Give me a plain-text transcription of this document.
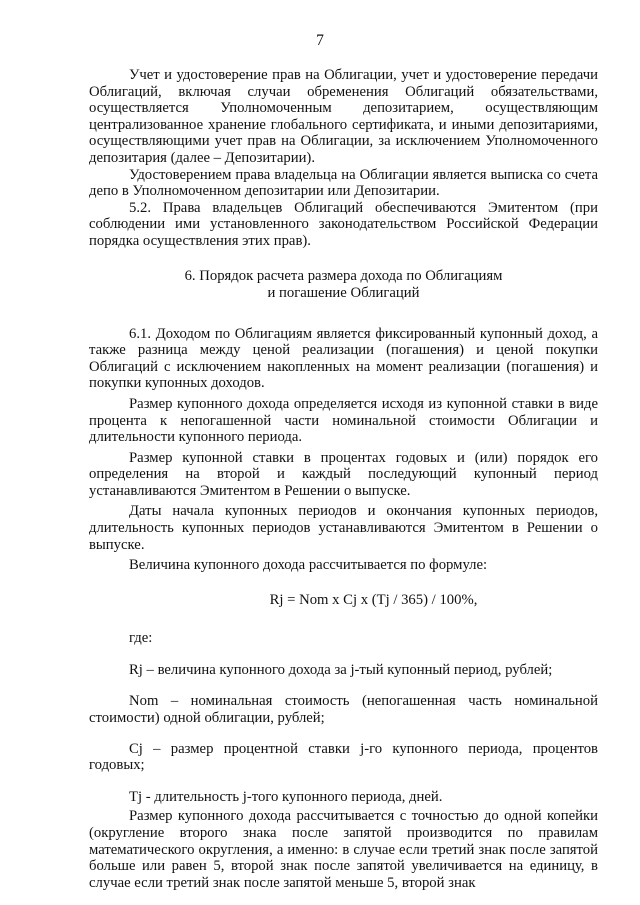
7

Учет и удостоверение прав на Облигации, учет и удостоверение передачи Облигаций, включая случаи обременения Облигаций обязательствами, осуществляется Уполномоченным депозитарием, осуществляющим централизованное хранение глобального сертификата, и иными депозитариями, осуществляющими учет прав на Облигации, за исключением Уполномоченного депозитария (далее – Депозитарии).

Удостоверением права владельца на Облигации является выписка со счета депо в Уполномоченном депозитарии или Депозитарии.

5.2. Права владельцев Облигаций обеспечиваются Эмитентом (при соблюдении ими установленного законодательством Российской Федерации порядка осуществления этих прав).

6. Порядок расчета размера дохода по Облигациям
и погашение Облигаций

6.1. Доходом по Облигациям является фиксированный купонный доход, а также разница между ценой реализации (погашения) и ценой покупки Облигаций с исключением накопленных на момент реализации (погашения) и покупки купонных доходов.

Размер купонного дохода определяется исходя из купонной ставки в виде процента к непогашенной части номинальной стоимости Облигации и длительности купонного периода.

Размер купонной ставки в процентах годовых и (или) порядок его определения на второй и каждый последующий купонный период устанавливаются Эмитентом в Решении о выпуске.

Даты начала купонных периодов и окончания купонных периодов, длительность купонных периодов устанавливаются Эмитентом в Решении о выпуске.

Величина купонного дохода рассчитывается по формуле:

Rj = Nom x Cj x (Tj / 365) / 100%,

где:

Rj – величина купонного дохода за j-тый купонный период, рублей;

Nom – номинальная стоимость (непогашенная часть номинальной стоимости) одной облигации, рублей;

Cj – размер процентной ставки j-го купонного периода, процентов годовых;

Tj - длительность j-того купонного периода, дней.

Размер купонного дохода рассчитывается с точностью до одной копейки (округление второго знака после запятой производится по правилам математического округления, а именно: в случае если третий знак после запятой больше или равен 5, второй знак после запятой увеличивается на единицу, в случае если третий знак после запятой меньше 5, второй знак
